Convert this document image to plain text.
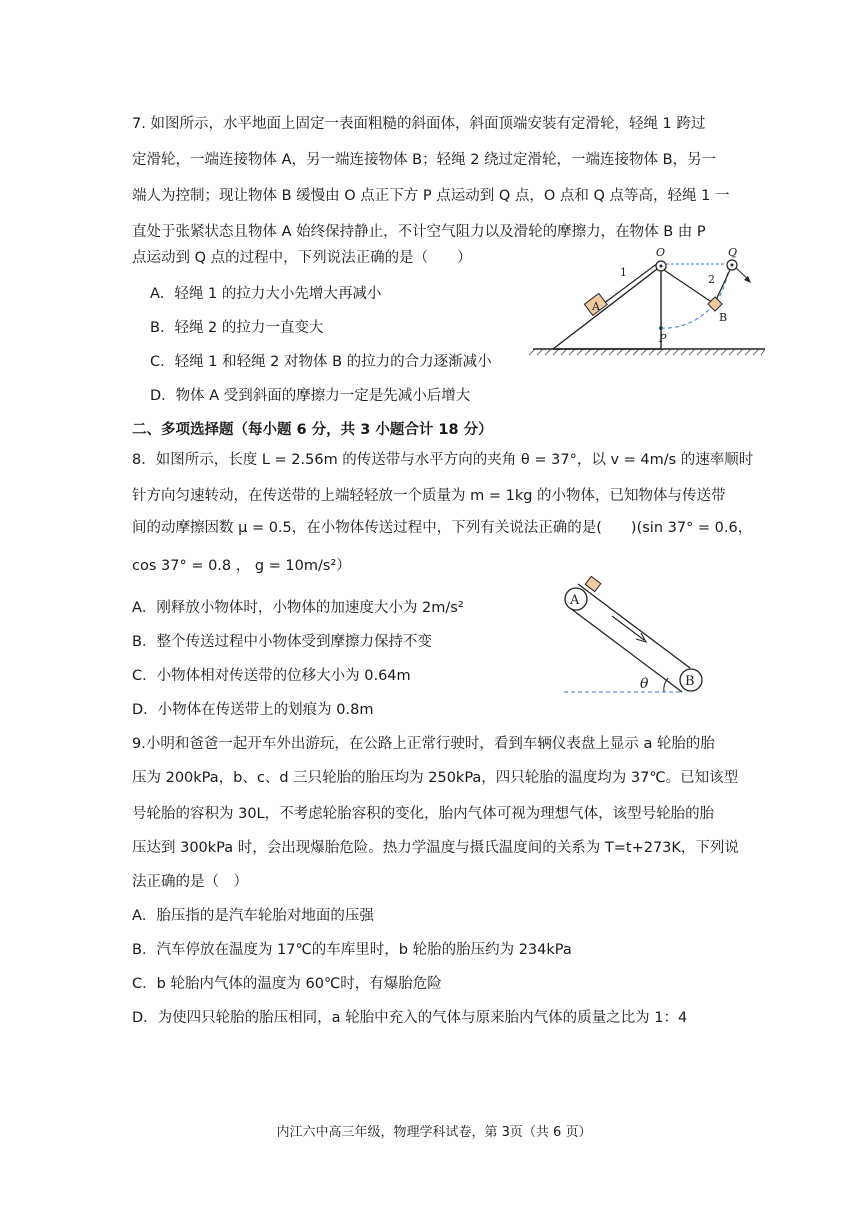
7. 如图所示，水平地面上固定一表面粗糙的斜面体，斜面顶端安装有定滑轮，轻绳 1 跨过
定滑轮，一端连接物体 A，另一端连接物体 B；轻绳 2 绕过定滑轮，一端连接物体 B，另一
端人为控制；现让物体 B 缓慢由 O 点正下方 P 点运动到 Q 点，O 点和 Q 点等高，轻绳 1 一
直处于张紧状态且物体 A 始终保持静止，不计空气阻力以及滑轮的摩擦力，在物体 B 由 P
点运动到 Q 点的过程中，下列说法正确的是（　　）
A．轻绳 1 的拉力大小先增大再减小
B．轻绳 2 的拉力一直变大
C．轻绳 1 和轻绳 2 对物体 B 的拉力的合力逐渐减小
D．物体 A 受到斜面的摩擦力一定是先减小后增大
A
1
O
P
Q
2
B
二、多项选择题（每小题 6 分，共 3 小题合计 18 分）
8．如图所示，长度 L = 2.56m 的传送带与水平方向的夹角 θ = 37°，以 v = 4m/s 的速率顺时
针方向匀速转动，在传送带的上端轻轻放一个质量为 m = 1kg 的小物体，已知物体与传送带
间的动摩擦因数 μ = 0.5，在小物体传送过程中，下列有关说法正确的是(　　)(sin 37° = 0.6，
cos 37° = 0.8 ， g = 10m/s²）
A．刚释放小物体时，小物体的加速度大小为 2m/s²
B．整个传送过程中小物体受到摩擦力保持不变
C．小物体相对传送带的位移大小为 0.64m
D．小物体在传送带上的划痕为 0.8m
A
B
θ
9.小明和爸爸一起开车外出游玩，在公路上正常行驶时，看到车辆仪表盘上显示 a 轮胎的胎
压为 200kPa，b、c、d 三只轮胎的胎压均为 250kPa，四只轮胎的温度均为 37℃。已知该型
号轮胎的容积为 30L，不考虑轮胎容积的变化，胎内气体可视为理想气体，该型号轮胎的胎
压达到 300kPa 时，会出现爆胎危险。热力学温度与摄氏温度间的关系为 T=t+273K，下列说
法正确的是（　）
A．胎压指的是汽车轮胎对地面的压强
B．汽车停放在温度为 17℃的车库里时，b 轮胎的胎压约为 234kPa
C．b 轮胎内气体的温度为 60℃时，有爆胎危险
D．为使四只轮胎的胎压相同，a 轮胎中充入的气体与原来胎内气体的质量之比为 1：4
内江六中高三年级，物理学科试卷，第 3页（共 6 页）
